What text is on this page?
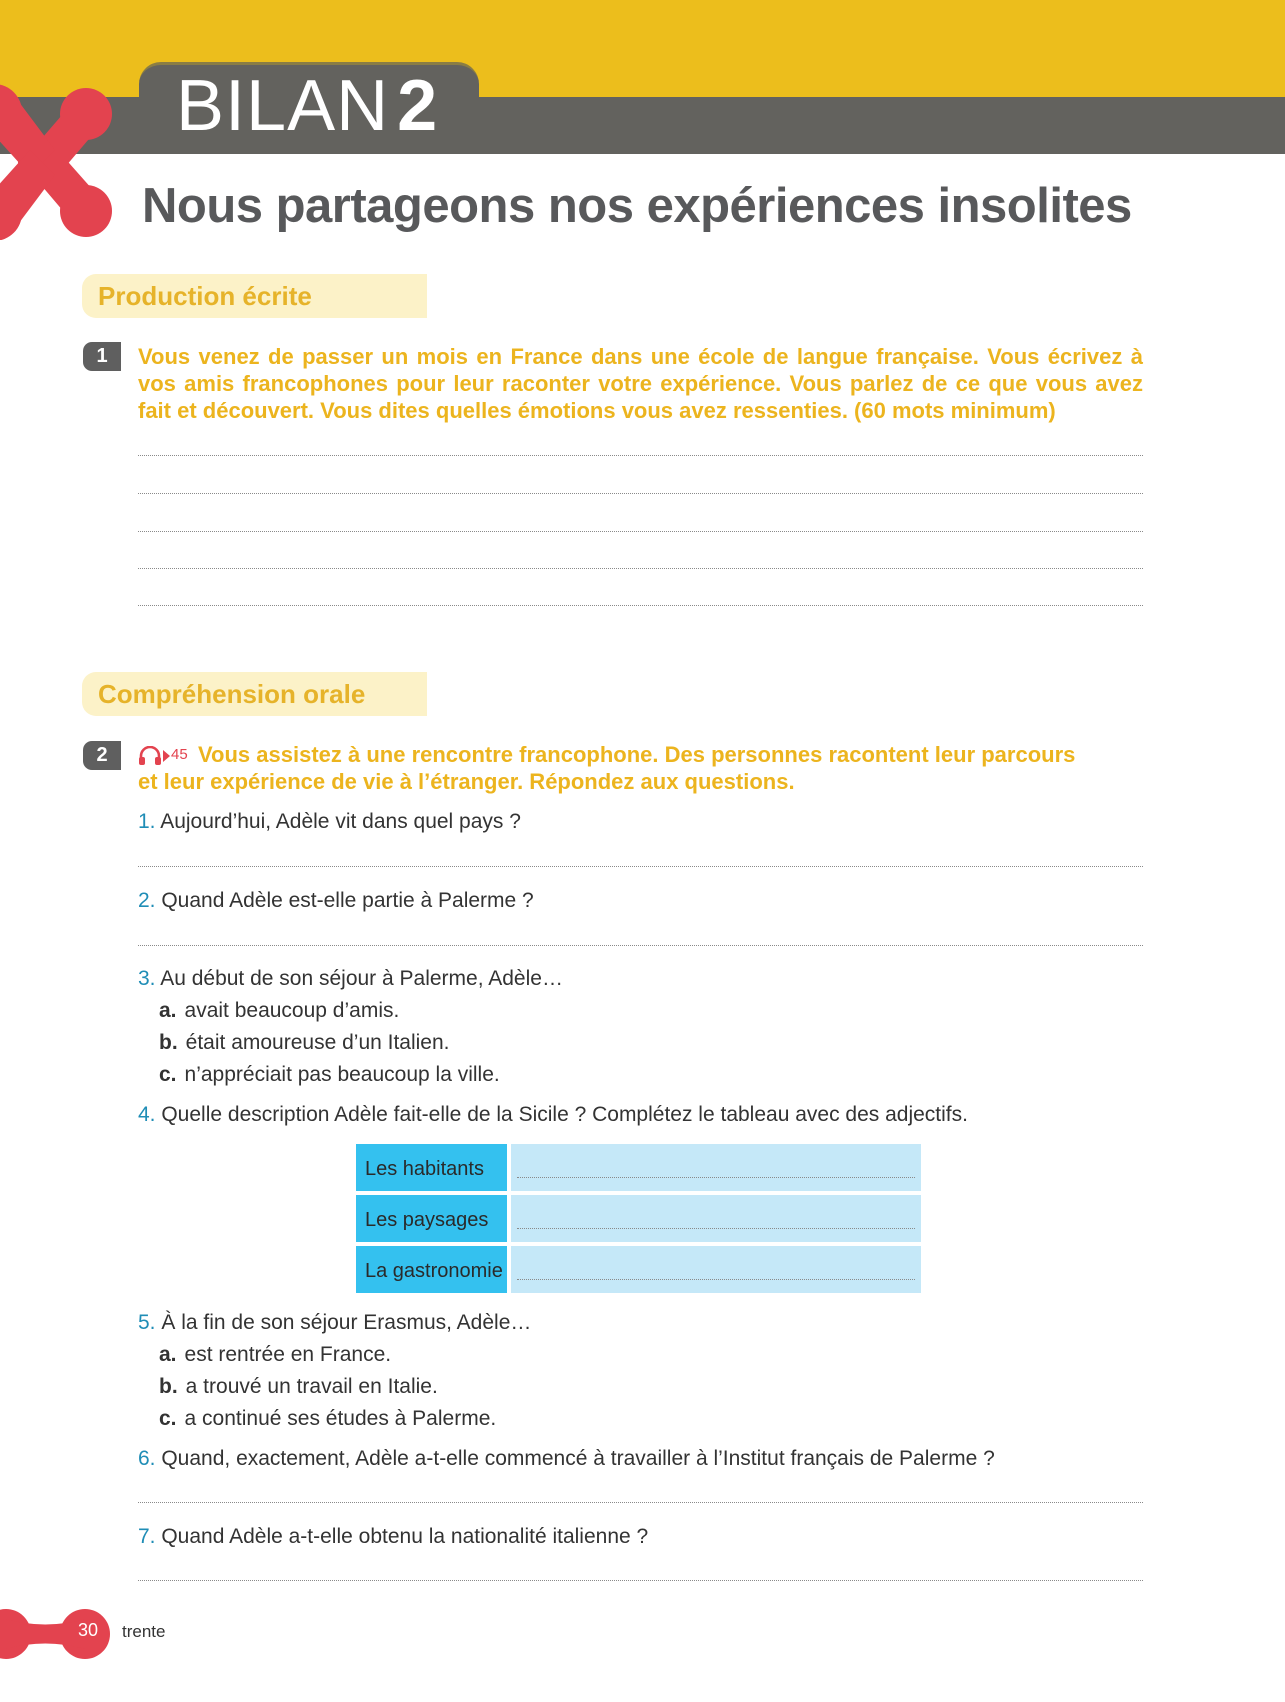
BILAN 2
Nous partageons nos expériences insolites
Production écrite
1	Vous venez de passer un mois en France dans une école de langue française. Vous écrivez à vos amis francophones pour leur raconter votre expérience. Vous parlez de ce que vous avez fait et découvert. Vous dites quelles émotions vous avez ressenties. (60 mots minimum)
Compréhension orale
2	45 Vous assistez à une rencontre francophone. Des personnes racontent leur parcours
et leur expérience de vie à l’étranger. Répondez aux questions.
1. Aujourd’hui, Adèle vit dans quel pays ?
2. Quand Adèle est-elle partie à Palerme ?
3. Au début de son séjour à Palerme, Adèle…
a. avait beaucoup d’amis.
b. était amoureuse d’un Italien.
c. n’appréciait pas beaucoup la ville.
4. Quelle description Adèle fait-elle de la Sicile ? Complétez le tableau avec des adjectifs.
Les habitants
Les paysages
La gastronomie
5. À la fin de son séjour Erasmus, Adèle…
a. est rentrée en France.
b. a trouvé un travail en Italie.
c. a continué ses études à Palerme.
6. Quand, exactement, Adèle a-t-elle commencé à travailler à l’Institut français de Palerme ?
7. Quand Adèle a-t-elle obtenu la nationalité italienne ?
30 trente
